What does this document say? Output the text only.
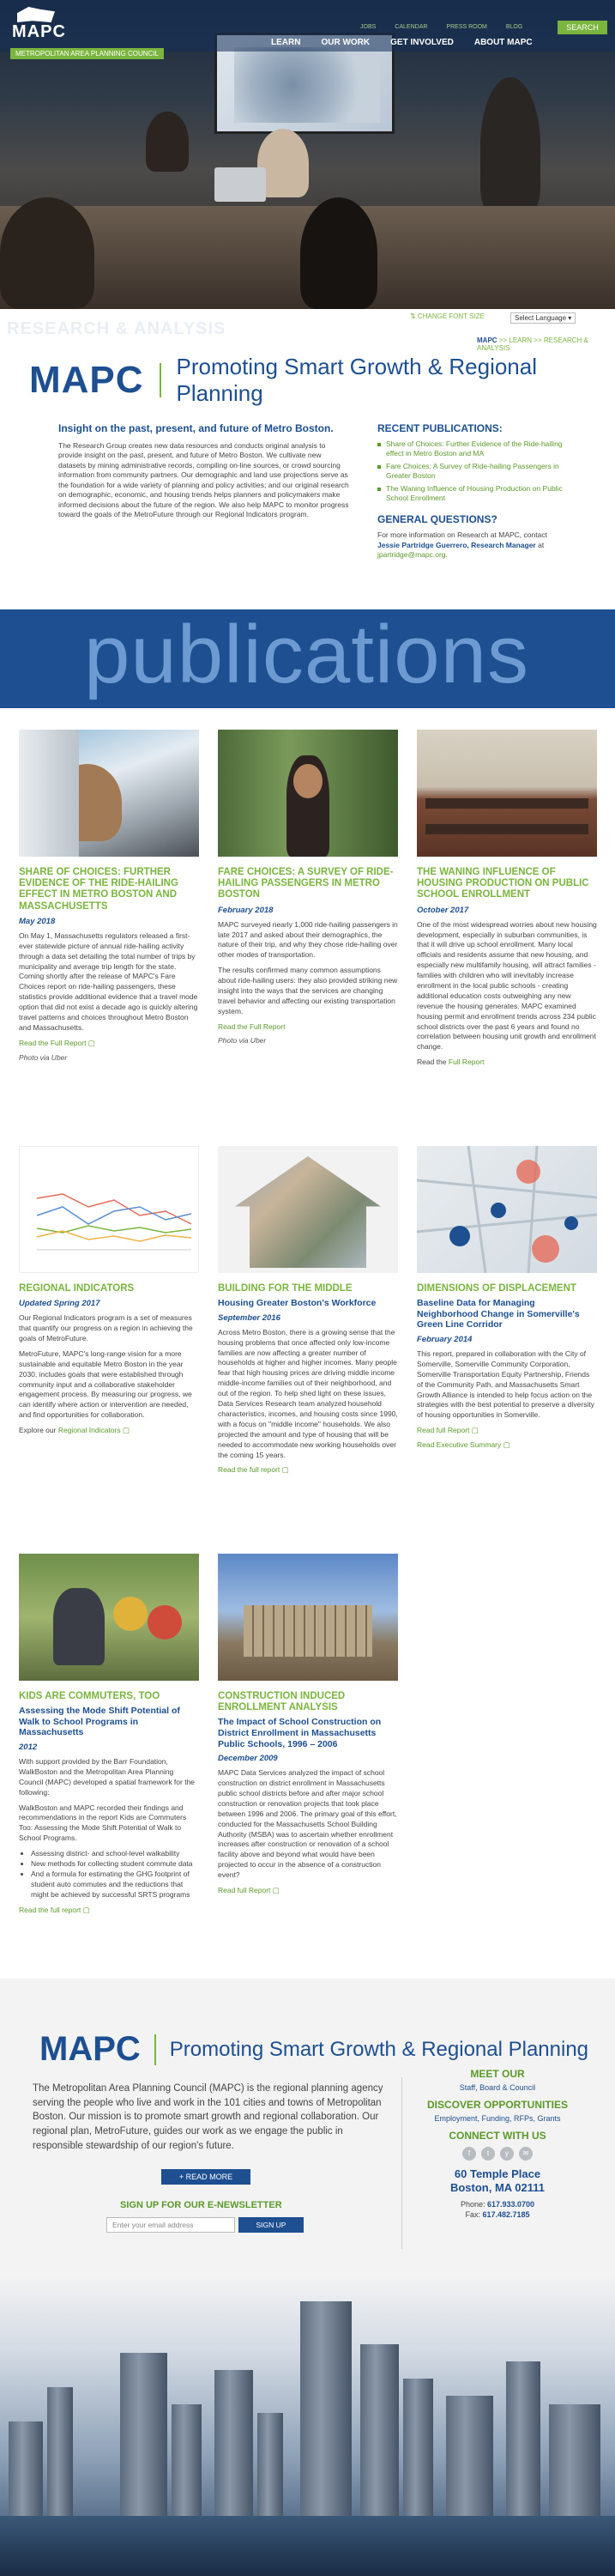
MAPC
METROPOLITAN AREA PLANNING COUNCIL
JOBS	CALENDAR	PRESS ROOM	BLOG	SEARCH
LEARN OUR WORK GET INVOLVED ABOUT MAPC
RESEARCH & ANALYSIS
⇅ CHANGE FONT SIZE	Select Language ▾
MAPC >> LEARN >> RESEARCH & ANALYSIS
MAPC Promoting Smart Growth & Regional Planning
Insight on the past, present, and future of Metro Boston.

The Research Group creates new data resources and conducts original analysis to provide insight on the past, present, and future of Metro Boston. We cultivate new datasets by mining administrative records, compiling on-line sources, or crowd sourcing information from community partners. Our demographic and land use projections serve as the foundation for a wide variety of planning and policy activities; and our original research on demographic, economic, and housing trends helps planners and policymakers make informed decisions about the future of the region. We also help MAPC to monitor progress toward the goals of the MetroFuture through our Regional Indicators program.

RECENT PUBLICATIONS:
Share of Choices: Further Evidence of the Ride-hailing effect in Metro Boston and MA
Fare Choices: A Survey of Ride-hailing Passengers in Greater Boston
The Waning Influence of Housing Production on Public School Enrollment
GENERAL QUESTIONS?

For more information on Research at MAPC, contact Jessie Partridge Guerrero, Research Manager at jpartridge@mapc.org.

publications
SHARE OF CHOICES: FURTHER EVIDENCE OF THE RIDE-HAILING EFFECT IN METRO BOSTON AND MASSACHUSETTS
May 2018

On May 1, Massachusetts regulators released a first-ever statewide picture of annual ride-hailing activity through a data set detailing the total number of trips by municipality and average trip length for the state. Coming shortly after the release of MAPC's Fare Choices report on ride-hailing passengers, these statistics provide additional evidence that a travel mode option that did not exist a decade ago is quickly altering travel patterns and choices throughout Metro Boston and Massachusetts.

Read the Full Report ▢
Photo via Uber
FARE CHOICES: A SURVEY OF RIDE-HAILING PASSENGERS IN METRO BOSTON
February 2018

MAPC surveyed nearly 1,000 ride-hailing passengers in late 2017 and asked about their demographics, the nature of their trip, and why they chose ride-hailing over other modes of transportation.

The results confirmed many common assumptions about ride-hailing users: they also provided striking new insight into the ways that the services are changing travel behavior and affecting our existing transportation system.

Read the Full Report
Photo via Uber
THE WANING INFLUENCE OF HOUSING PRODUCTION ON PUBLIC SCHOOL ENROLLMENT
October 2017

One of the most widespread worries about new housing development, especially in suburban communities, is that it will drive up school enrollment. Many local officials and residents assume that new housing, and especially new multifamily housing, will attract families - families with children who will inevitably increase enrollment in the local public schools - creating additional education costs outweighing any new revenue the housing generates. MAPC examined housing permit and enrollment trends across 234 public school districts over the past 6 years and found no correlation between housing unit growth and enrollment change.

Read the Full Report
REGIONAL INDICATORS
Updated Spring 2017

Our Regional Indicators program is a set of measures that quantify our progress on a region in achieving the goals of MetroFuture.

MetroFuture, MAPC's long-range vision for a more sustainable and equitable Metro Boston in the year 2030, includes goals that were established through community input and a collaborative stakeholder engagement process. By measuring our progress, we can identify where action or intervention are needed, and find opportunities for collaboration.

Explore our Regional Indicators ▢
BUILDING FOR THE MIDDLE
Housing Greater Boston's Workforce
September 2016

Across Metro Boston, there is a growing sense that the housing problems that once affected only low-income families are now affecting a greater number of households at higher and higher incomes. Many people fear that high housing prices are driving middle income middle-income families out of their neighborhood, and out of the region. To help shed light on these issues, Data Services Research team analyzed household characteristics, incomes, and housing costs since 1990, with a focus on "middle income" households. We also projected the amount and type of housing that will be needed to accommodate new working households over the coming 15 years.

Read the full report ▢
DIMENSIONS OF DISPLACEMENT
Baseline Data for Managing Neighborhood Change in Somerville's Green Line Corridor
February 2014

This report, prepared in collaboration with the City of Somerville, Somerville Community Corporation, Somerville Transportation Equity Partnership, Friends of the Community Path, and Massachusetts Smart Growth Alliance is intended to help focus action on the strategies with the best potential to preserve a diversity of housing opportunities in Somerville.

Read full Report ▢
Read Executive Summary ▢
KIDS ARE COMMUTERS, TOO
Assessing the Mode Shift Potential of Walk to School Programs in Massachusetts
2012

With support provided by the Barr Foundation, WalkBoston and the Metropolitan Area Planning Council (MAPC) developed a spatial framework for the following:

WalkBoston and MAPC recorded their findings and recommendations in the report Kids are Commuters Too: Assessing the Mode Shift Potential of Walk to School Programs.

• Assessing district- and school-level walkability
• New methods for collecting student commute data
• And a formula for estimating the GHG footprint of student auto commutes and the reductions that might be achieved by successful SRTS programs
Read the full report ▢
CONSTRUCTION INDUCED ENROLLMENT ANALYSIS
The Impact of School Construction on District Enrollment in Massachusetts Public Schools, 1996 – 2006
December 2009

MAPC Data Services analyzed the impact of school construction on district enrollment in Massachusetts public school districts before and after major school construction or renovation projects that took place between 1996 and 2006. The primary goal of this effort, conducted for the Massachusetts School Building Authority (MSBA) was to ascertain whether enrollment increases after construction or renovation of a school facility above and beyond what would have been projected to occur in the absence of a construction event?

Read full Report ▢
MAPC Promoting Smart Growth & Regional Planning

The Metropolitan Area Planning Council (MAPC) is the regional planning agency serving the people who live and work in the 101 cities and towns of Metropolitan Boston. Our mission is to promote smart growth and regional collaboration. Our regional plan, MetroFuture, guides our work as we engage the public in responsible stewardship of our region's future.

+ READ MORE
SIGN UP FOR OUR E-NEWSLETTER
Enter your email address	SIGN UP
MEET OUR
Staff, Board & Council
DISCOVER OPPORTUNITIES
Employment, Funding, RFPs, Grants
CONNECT WITH US
f	t	y	✉
60 Temple Place
Boston, MA 02111
Phone: 617.933.0700
Fax: 617.482.7185
